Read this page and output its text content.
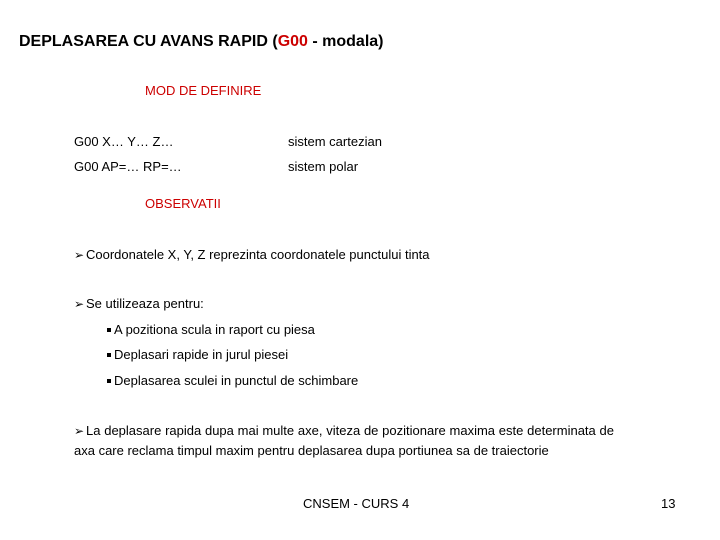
DEPLASAREA CU AVANS RAPID (G00 - modala)
MOD DE DEFINIRE
G00 X… Y… Z…	sistem cartezian
G00 AP=… RP=…	sistem polar
OBSERVATII
➢ Coordonatele X, Y, Z reprezinta coordonatele punctului tinta
➢ Se utilizeaza pentru:
A pozitiona scula in raport cu piesa
Deplasari rapide in jurul piesei
Deplasarea sculei in punctul de schimbare
➢ La deplasare rapida dupa mai multe axe, viteza de pozitionare maxima este determinata de axa care reclama timpul maxim pentru deplasarea dupa portiunea sa de traiectorie
CNSEM - CURS 4	13
